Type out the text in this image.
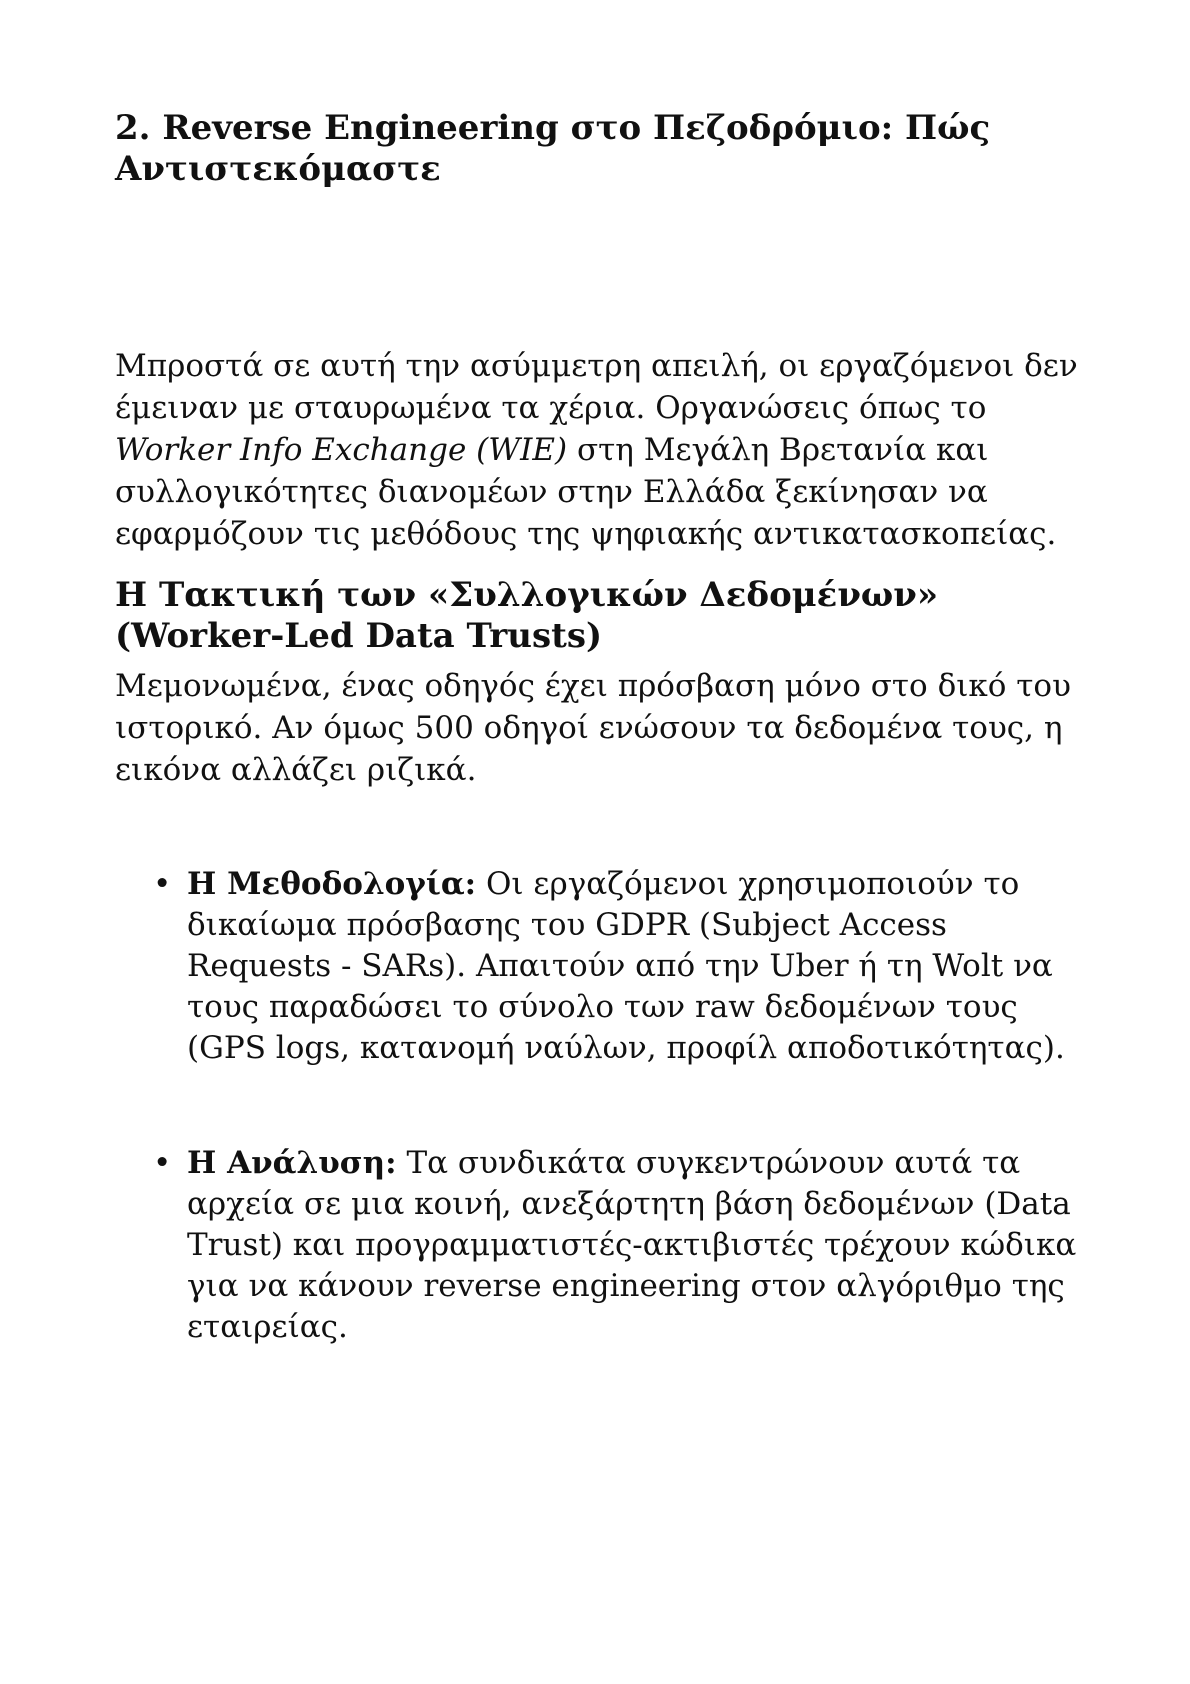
2. Reverse Engineering στο Πεζοδρόμιο: Πώς Αντιστεκόμαστε

Μπροστά σε αυτή την ασύμμετρη απειλή, οι εργαζόμενοι δεν έμειναν με σταυρωμένα τα χέρια. Οργανώσεις όπως το Worker Info Exchange (WIE) στη Μεγάλη Βρετανία και συλλογικότητες διανομέων στην Ελλάδα ξεκίνησαν να εφαρμόζουν τις μεθόδους της ψηφιακής αντικατασκοπείας.

Η Τακτική των «Συλλογικών Δεδομένων» (Worker-Led Data Trusts)

Μεμονωμένα, ένας οδηγός έχει πρόσβαση μόνο στο δικό του ιστορικό. Αν όμως 500 οδηγοί ενώσουν τα δεδομένα τους, η εικόνα αλλάζει ριζικά.

• Η Μεθοδολογία: Οι εργαζόμενοι χρησιμοποιούν το δικαίωμα πρόσβασης του GDPR (Subject Access Requests - SARs). Απαιτούν από την Uber ή τη Wolt να τους παραδώσει το σύνολο των raw δεδομένων τους (GPS logs, κατανομή ναύλων, προφίλ αποδοτικότητας).
• Η Ανάλυση: Τα συνδικάτα συγκεντρώνουν αυτά τα αρχεία σε μια κοινή, ανεξάρτητη βάση δεδομένων (Data Trust) και προγραμματιστές-ακτιβιστές τρέχουν κώδικα για να κάνουν reverse engineering στον αλγόριθμο της εταιρείας.
